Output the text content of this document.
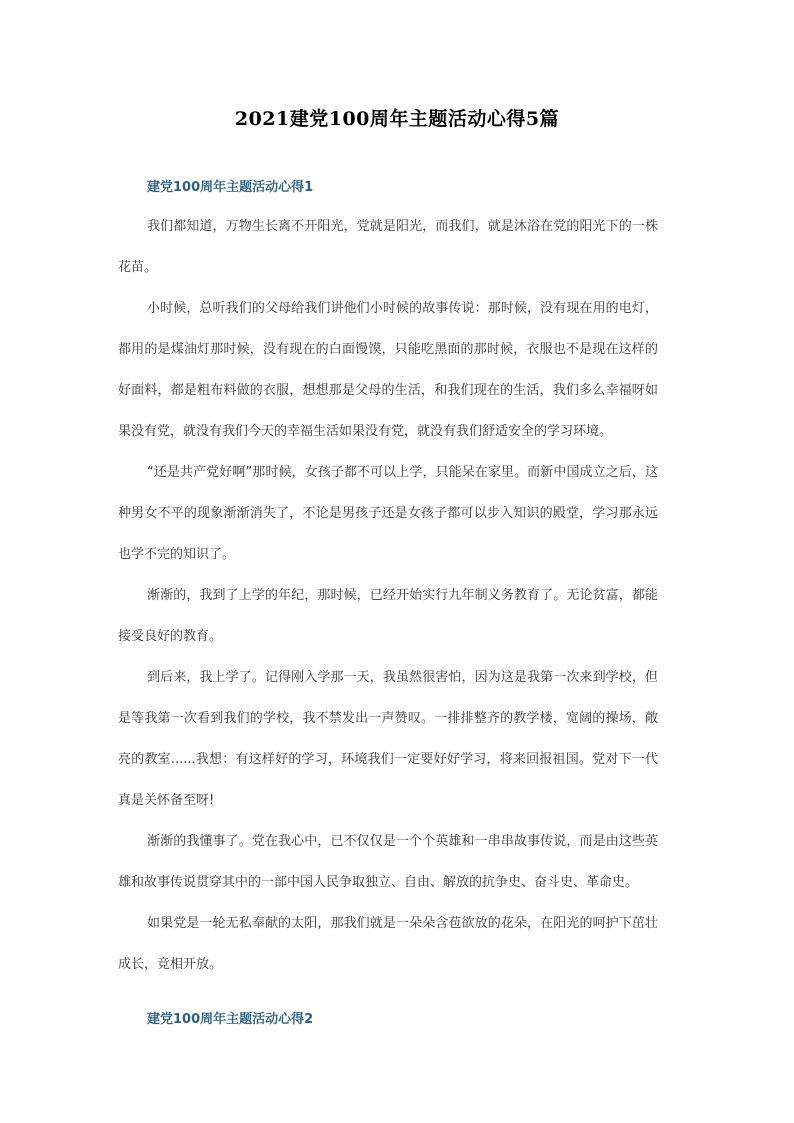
2021建党100周年主题活动心得5篇
建党100周年主题活动心得1

我们都知道，万物生长离不开阳光，党就是阳光，而我们，就是沐浴在党的阳光下的一株花苗。

小时候，总听我们的父母给我们讲他们小时候的故事传说：那时候，没有现在用的电灯，都用的是煤油灯那时候，没有现在的白面馒馍，只能吃黑面的那时候，衣服也不是现在这样的好面料，都是粗布料做的衣服，想想那是父母的生活，和我们现在的生活，我们多么幸福呀如果没有党，就没有我们今天的幸福生活如果没有党，就没有我们舒适安全的学习环境。

“还是共产党好啊”那时候，女孩子都不可以上学，只能呆在家里。而新中国成立之后，这种男女不平的现象渐渐消失了，不论是男孩子还是女孩子都可以步入知识的殿堂，学习那永远也学不完的知识了。

渐渐的，我到了上学的年纪，那时候，已经开始实行九年制义务教育了。无论贫富，都能接受良好的教育。

到后来，我上学了。记得刚入学那一天，我虽然很害怕，因为这是我第一次来到学校，但是等我第一次看到我们的学校，我不禁发出一声赞叹。一排排整齐的教学楼，宽阔的操场，敞亮的教室......我想：有这样好的学习，环境我们一定要好好学习，将来回报祖国。党对下一代真是关怀备至呀!

渐渐的我懂事了。党在我心中，已不仅仅是一个个英雄和一串串故事传说，而是由这些英雄和故事传说贯穿其中的一部中国人民争取独立、自由、解放的抗争史、奋斗史、革命史。

如果党是一轮无私奉献的太阳，那我们就是一朵朵含苞欲放的花朵，在阳光的呵护下茁壮成长，竞相开放。

建党100周年主题活动心得2
